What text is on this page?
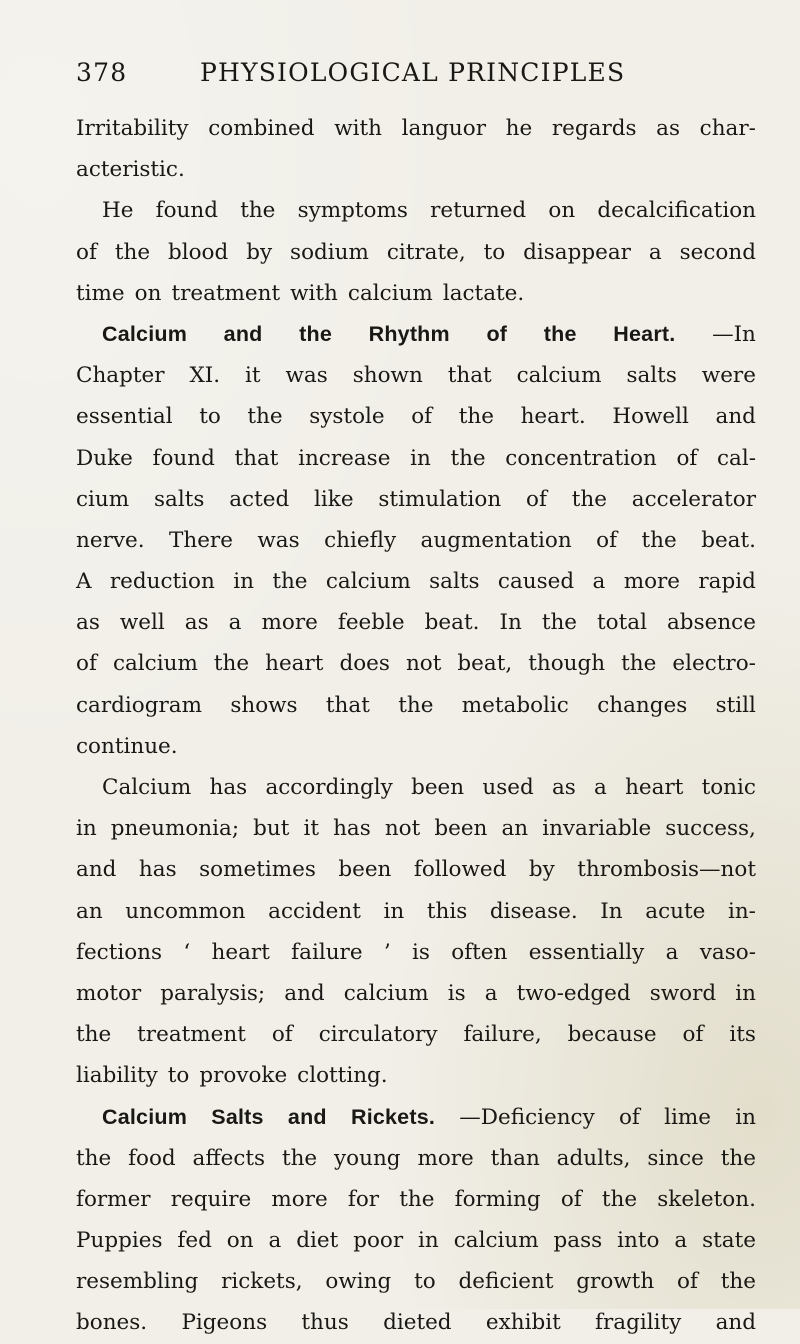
378	PHYSIOLOGICAL PRINCIPLES
Irritability combined with languor he regards as char-
acteristic.
He found the symptoms returned on decalcification
of the blood by sodium citrate, to disappear a second
time on treatment with calcium lactate.
Calcium and the Rhythm of the Heart. —In
Chapter XI. it was shown that calcium salts were
essential to the systole of the heart. Howell and
Duke found that increase in the concentration of cal-
cium salts acted like stimulation of the accelerator
nerve. There was chiefly augmentation of the beat.
A reduction in the calcium salts caused a more rapid
as well as a more feeble beat. In the total absence
of calcium the heart does not beat, though the electro-
cardiogram shows that the metabolic changes still
continue.
Calcium has accordingly been used as a heart tonic
in pneumonia; but it has not been an invariable success,
and has sometimes been followed by thrombosis—not
an uncommon accident in this disease. In acute in-
fections ‘ heart failure ’ is often essentially a vaso-
motor paralysis; and calcium is a two-edged sword in
the treatment of circulatory failure, because of its
liability to provoke clotting.
Calcium Salts and Rickets. —Deficiency of lime in
the food affects the young more than adults, since the
former require more for the forming of the skeleton.
Puppies fed on a diet poor in calcium pass into a state
resembling rickets, owing to deficient growth of the
bones. Pigeons thus dieted exhibit fragility and
